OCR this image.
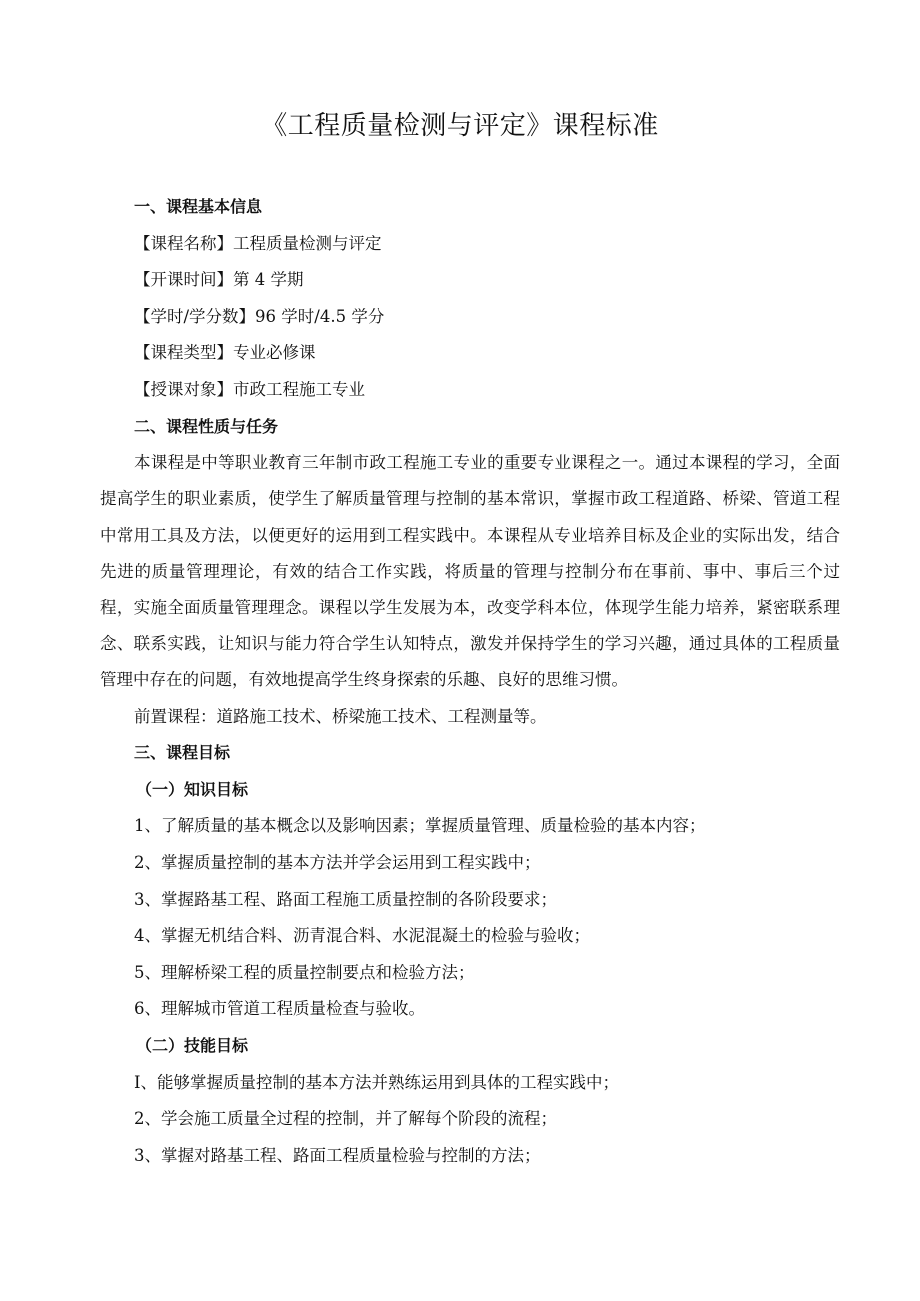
《工程质量检测与评定》课程标准

一、课程基本信息

【课程名称】工程质量检测与评定

【开课时间】第 4 学期

【学时/学分数】96 学时/4.5 学分

【课程类型】专业必修课

【授课对象】市政工程施工专业

二、课程性质与任务

本课程是中等职业教育三年制市政工程施工专业的重要专业课程之一。通过本课程的学习，全面提高学生的职业素质，使学生了解质量管理与控制的基本常识，掌握市政工程道路、桥梁、管道工程中常用工具及方法，以便更好的运用到工程实践中。本课程从专业培养目标及企业的实际出发，结合先进的质量管理理论，有效的结合工作实践，将质量的管理与控制分布在事前、事中、事后三个过程，实施全面质量管理理念。课程以学生发展为本，改变学科本位，体现学生能力培养，紧密联系理念、联系实践，让知识与能力符合学生认知特点，激发并保持学生的学习兴趣，通过具体的工程质量管理中存在的问题，有效地提高学生终身探索的乐趣、良好的思维习惯。

前置课程：道路施工技术、桥梁施工技术、工程测量等。

三、课程目标

（一）知识目标

1、了解质量的基本概念以及影响因素；掌握质量管理、质量检验的基本内容；

2、掌握质量控制的基本方法并学会运用到工程实践中；

3、掌握路基工程、路面工程施工质量控制的各阶段要求；

4、掌握无机结合料、沥青混合料、水泥混凝土的检验与验收；

5、理解桥梁工程的质量控制要点和检验方法；

6、理解城市管道工程质量检查与验收。

（二）技能目标

I、能够掌握质量控制的基本方法并熟练运用到具体的工程实践中；

2、学会施工质量全过程的控制，并了解每个阶段的流程；

3、掌握对路基工程、路面工程质量检验与控制的方法；
